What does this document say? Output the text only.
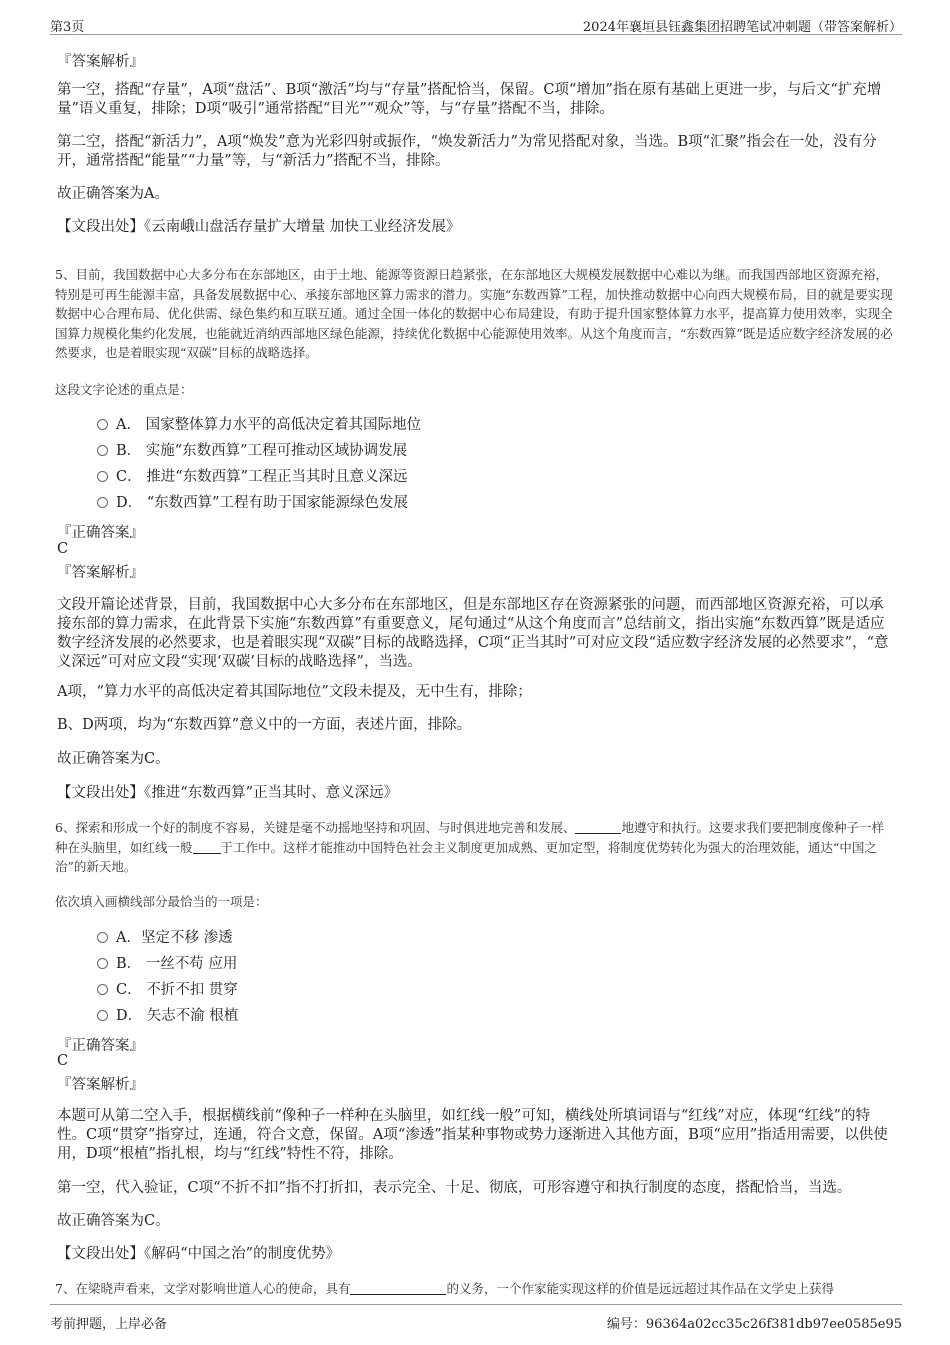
第3页	2024年襄垣县钰鑫集团招聘笔试冲刺题（带答案解析）
『答案解析』
第一空，搭配“存量”，A项“盘活”、B项“激活”均与“存量”搭配恰当，保留。C项“增加”指在原有基础上更进一步，与后文“扩充增量”语义重复，排除；D项“吸引”通常搭配“目光”“观众”等，与“存量”搭配不当，排除。
第二空，搭配“新活力”，A项“焕发”意为光彩四射或振作，“焕发新活力”为常见搭配对象，当选。B项“汇聚”指会在一处，没有分开，通常搭配“能量”“力量”等，与“新活力”搭配不当，排除。
故正确答案为A。
【文段出处】《云南峨山盘活存量扩大增量 加快工业经济发展》
5、目前，我国数据中心大多分布在东部地区，由于土地、能源等资源日趋紧张，在东部地区大规模发展数据中心难以为继。而我国西部地区资源充裕，特别是可再生能源丰富，具备发展数据中心、承接东部地区算力需求的潜力。实施“东数西算”工程，加快推动数据中心向西大规模布局，目的就是要实现数据中心合理布局、优化供需、绿色集约和互联互通。通过全国一体化的数据中心布局建设，有助于提升国家整体算力水平，提高算力使用效率，实现全国算力规模化集约化发展，也能就近消纳西部地区绿色能源，持续优化数据中心能源使用效率。从这个角度而言，“东数西算”既是适应数字经济发展的必然要求，也是着眼实现“双碳”目标的战略选择。
这段文字论述的重点是：
A． 国家整体算力水平的高低决定着其国际地位
B． 实施“东数西算”工程可推动区域协调发展
C． 推进“东数西算”工程正当其时且意义深远
D． “东数西算”工程有助于国家能源绿色发展
『正确答案』
C
『答案解析』
文段开篇论述背景，目前，我国数据中心大多分布在东部地区，但是东部地区存在资源紧张的问题，而西部地区资源充裕，可以承接东部的算力需求，在此背景下实施“东数西算”有重要意义，尾句通过“从这个角度而言”总结前文，指出实施“东数西算”既是适应数字经济发展的必然要求，也是着眼实现“双碳”目标的战略选择，C项“正当其时”可对应文段“适应数字经济发展的必然要求”，“意义深远”可对应文段“实现‘双碳’目标的战略选择”，当选。
A项，“算力水平的高低决定着其国际地位”文段未提及，无中生有，排除；
B、D两项，均为“东数西算”意义中的一方面，表述片面，排除。
故正确答案为C。
【文段出处】《推进“东数西算”正当其时、意义深远》
6、探索和形成一个好的制度不容易，关键是毫不动摇地坚持和巩固、与时俱进地完善和发展、	地遵守和执行。这要求我们要把制度像种子一样种在头脑里，如红线一般 于工作中。这样才能推动中国特色社会主义制度更加成熟、更加定型，将制度优势转化为强大的治理效能，通达“中国之治”的新天地。
依次填入画横线部分最恰当的一项是：
A．坚定不移 渗透
B． 一丝不苟 应用
C． 不折不扣 贯穿
D． 矢志不渝 根植
『正确答案』
C
『答案解析』
本题可从第二空入手，根据横线前“像种子一样种在头脑里，如红线一般”可知，横线处所填词语与“红线”对应，体现“红线”的特性。C项“贯穿”指穿过，连通，符合文意，保留。A项“渗透”指某种事物或势力逐渐进入其他方面，B项“应用”指适用需要，以供使用，D项“根植”指扎根，均与“红线”特性不符，排除。
第一空，代入验证，C项“不折不扣”指不打折扣，表示完全、十足、彻底，可形容遵守和执行制度的态度，搭配恰当，当选。
故正确答案为C。
【文段出处】《解码“中国之治”的制度优势》
7、在梁晓声看来，文学对影响世道人心的使命，具有	的义务，一个作家能实现这样的价值是远远超过其作品在文学史上获得
考前押题，上岸必备	编号：96364a02cc35c26f381db97ee0585e95
